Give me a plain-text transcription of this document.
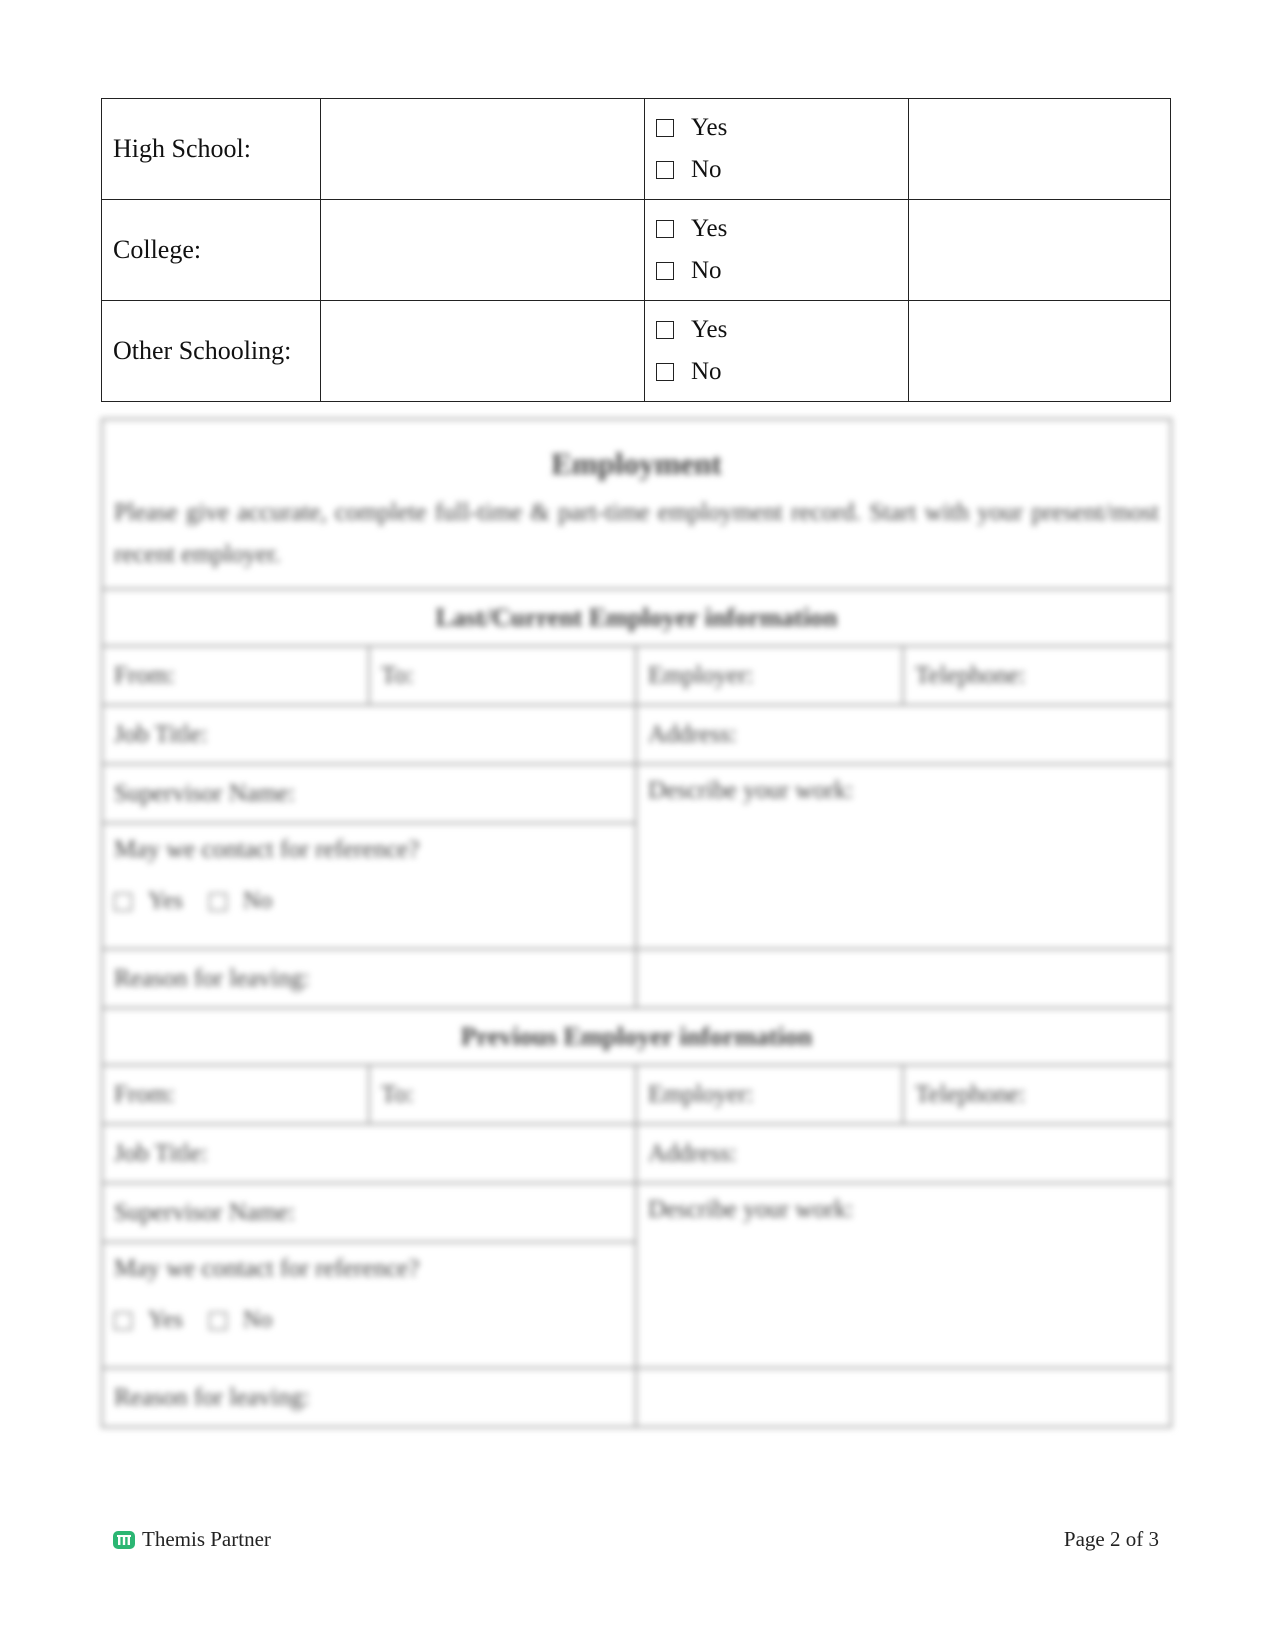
High School:		Yes
No	

College:		Yes
No	

Other Schooling:		Yes
No	

Employment			
Please give accurate, complete full-time & part-time employment record. Start with your present/most recent employer.			
Last/Current Employer information			
From:	To:	Employer:	Telephone:
Job Title:		Address:	
Supervisor Name:		Describe your work:	

May we contact for reference?
Yes No			

Reason for leaving:			
Previous Employer information			
From:	To:	Employer:	Telephone:
Job Title:		Address:	
Supervisor Name:		Describe your work:	

May we contact for reference?
Yes No			

Reason for leaving:			
Themis Partner	Page 2 of 3
